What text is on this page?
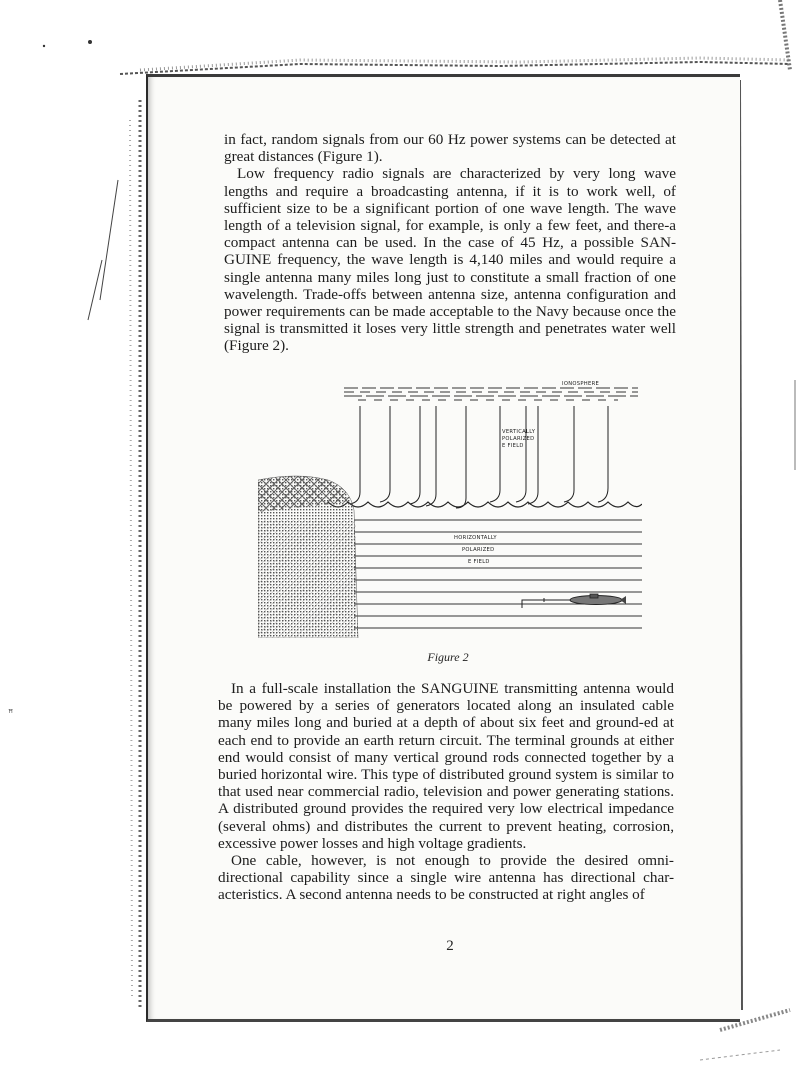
ꟸ

in fact, random signals from our 60 Hz power systems can be detected at great distances (Figure 1).

Low frequency radio signals are characterized by very long wave lengths and require a broadcasting antenna, if it is to work well, of sufficient size to be a significant portion of one wave length. The wave length of a television signal, for example, is only a few feet, and there-a compact antenna can be used. In the case of 45 Hz, a possible SAN-GUINE frequency, the wave length is 4,140 miles and would require a single antenna many miles long just to constitute a small fraction of one wavelength. Trade-offs between antenna size, antenna configuration and power requirements can be made acceptable to the Navy because once the signal is transmitted it loses very little strength and penetrates water well (Figure 2).

IONOSPHERE
VERTICALLY
POLARIZED
E FIELD
HORIZONTALLY
POLARIZED
E FIELD
Figure 2

In a full-scale installation the SANGUINE transmitting antenna would be powered by a series of generators located along an insulated cable many miles long and buried at a depth of about six feet and ground-ed at each end to provide an earth return circuit. The terminal grounds at either end would consist of many vertical ground rods connected together by a buried horizontal wire. This type of distributed ground system is similar to that used near commercial radio, television and power generating stations. A distributed ground provides the required very low electrical impedance (several ohms) and distributes the current to prevent heating, corrosion, excessive power losses and high voltage gradients.

One cable, however, is not enough to provide the desired omni-directional capability since a single wire antenna has directional char-acteristics. A second antenna needs to be constructed at right angles of

2
